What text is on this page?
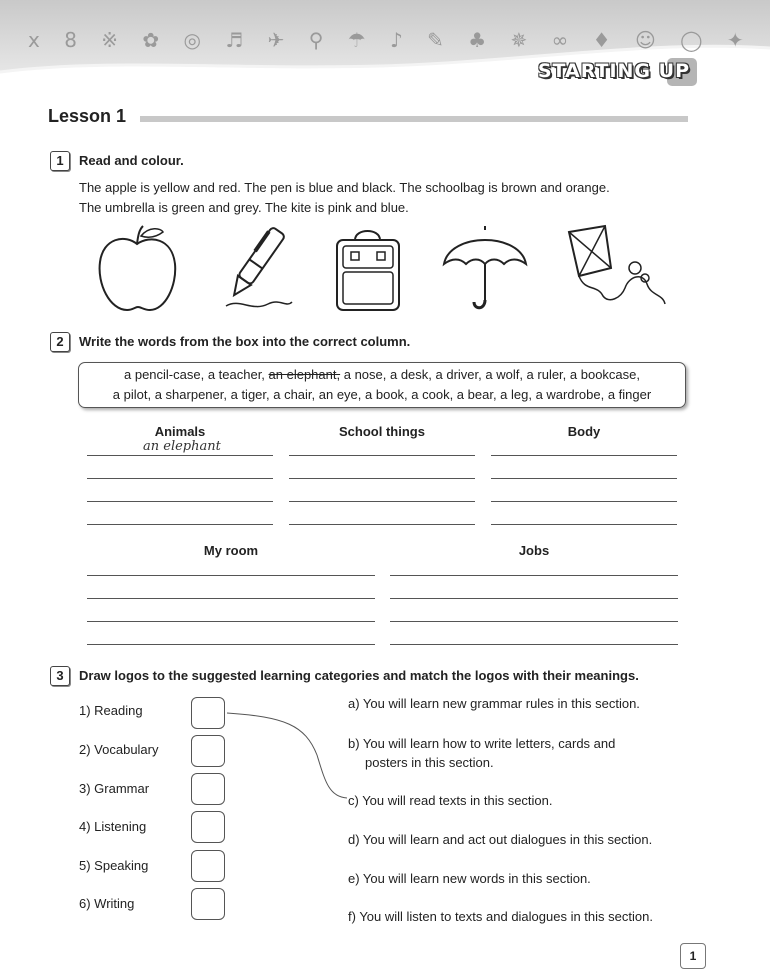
x 8 ※ ✿ ◎ ♬ ✈ ⚲ ☂ ♪ ✎ ♣ ✵ ∞ ♦ ☺ ◯ ✦
STARTING UP
Lesson 1
1	Read and colour.
The apple is yellow and red. The pen is blue and black. The schoolbag is brown and orange.
The umbrella is green and grey. The kite is pink and blue.
2	Write the words from the box into the correct column.
a pencil-case, a teacher, an elephant, a nose, a desk, a driver, a wolf, a ruler, a bookcase,
a pilot, a sharpener, a tiger, a chair, an eye, a book, a cook, a bear, a leg, a wardrobe, a finger
Animals	School things	Body
an elephant
My room	Jobs
3	Draw logos to the suggested learning categories and match the logos with their meanings.
1) Reading
2) Vocabulary
3) Grammar
4) Listening
5) Speaking
6) Writing
a) You will learn new grammar rules in this section.
b) You will learn how to write letters, cards and
posters in this section.
c) You will read texts in this section.
d) You will learn and act out dialogues in this section.
e) You will learn new words in this section.
f) You will listen to texts and dialogues in this section.
1
